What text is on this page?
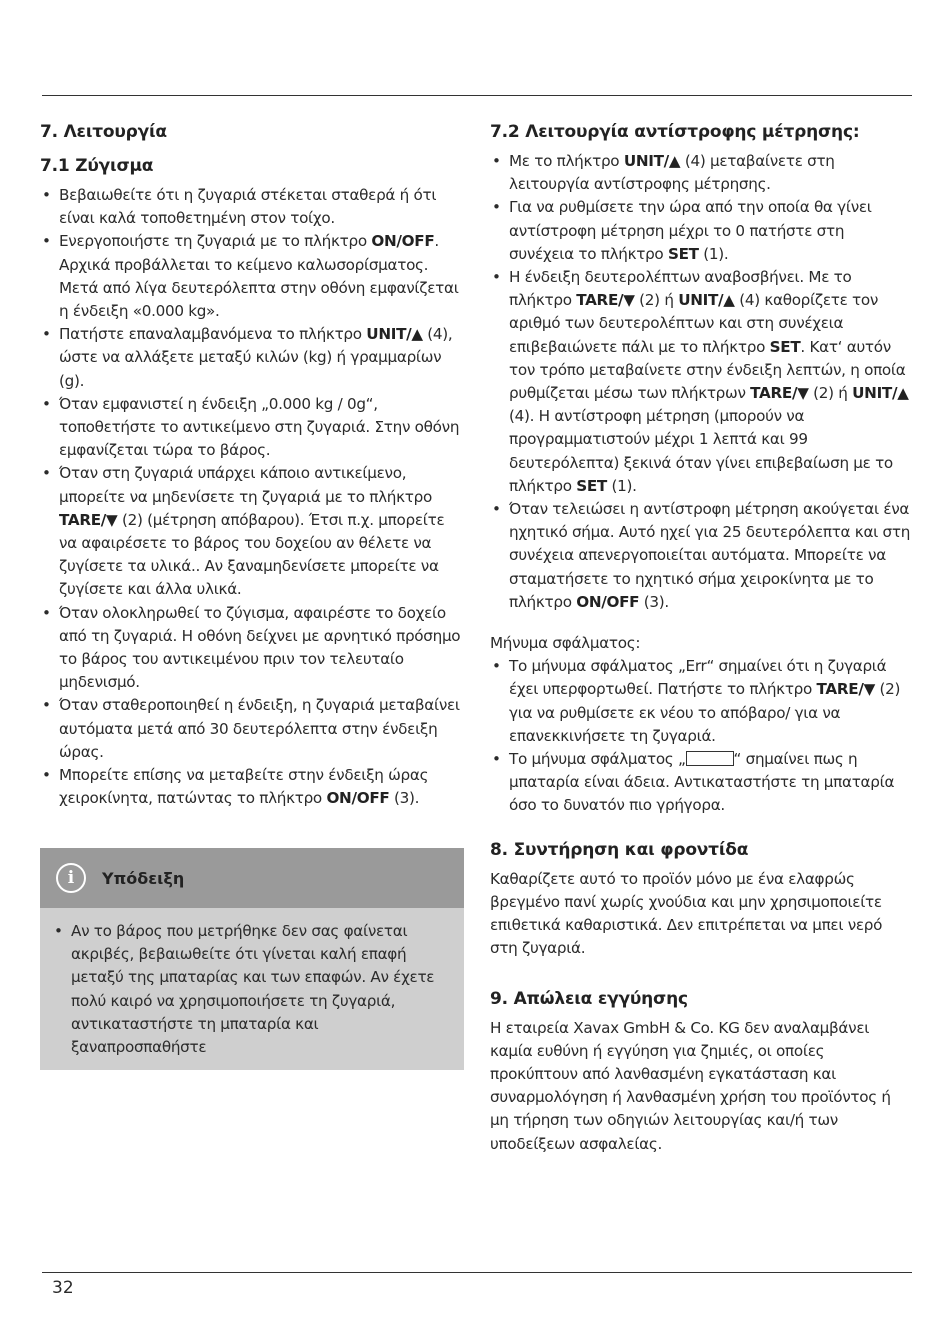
7. Λειτουργία
7.1 Ζύγισμα
• Βεβαιωθείτε ότι η ζυγαριά στέκεται σταθερά ή ότι είναι καλά τοποθετημένη στον τοίχο.
• Ενεργοποιήστε τη ζυγαριά με το πλήκτρο ON/OFF. Αρχικά προβάλλεται το κείμενο καλωσορίσματος. Μετά από λίγα δευτερόλεπτα στην οθόνη εμφανίζεται η ένδειξη «0.000 kg».
• Πατήστε επαναλαμβανόμενα το πλήκτρο UNIT/▲ (4), ώστε να αλλάξετε μεταξύ κιλών (kg) ή γραμμαρίων (g).
• Όταν εμφανιστεί η ένδειξη „0.000 kg / 0g“, τοποθετήστε το αντικείμενο στη ζυγαριά. Στην οθόνη εμφανίζεται τώρα το βάρος.
• Όταν στη ζυγαριά υπάρχει κάποιο αντικείμενο, μπορείτε να μηδενίσετε τη ζυγαριά με το πλήκτρο TARE/▼ (2) (μέτρηση απόβαρου). Έτσι π.χ. μπορείτε να αφαιρέσετε το βάρος του δοχείου αν θέλετε να ζυγίσετε τα υλικά.. Αν ξαναμηδενίσετε μπορείτε να ζυγίσετε και άλλα υλικά.
• Όταν ολοκληρωθεί το ζύγισμα, αφαιρέστε το δοχείο από τη ζυγαριά. Η οθόνη δείχνει με αρνητικό πρόσημο το βάρος του αντικειμένου πριν τον τελευταίο μηδενισμό.
• Όταν σταθεροποιηθεί η ένδειξη, η ζυγαριά μεταβαίνει αυτόματα μετά από 30 δευτερόλεπτα στην ένδειξη ώρας.
• Μπορείτε επίσης να μεταβείτε στην ένδειξη ώρας χειροκίνητα, πατώντας το πλήκτρο ON/OFF (3).
i	Υπόδειξη
• Αν το βάρος που μετρήθηκε δεν σας φαίνεται ακριβές, βεβαιωθείτε ότι γίνεται καλή επαφή μεταξύ της μπαταρίας και των επαφών. Αν έχετε πολύ καιρό να χρησιμοποιήσετε τη ζυγαριά, αντικαταστήστε τη μπαταρία και ξαναπροσπαθήστε
7.2 Λειτουργία αντίστροφης μέτρησης:
• Με το πλήκτρο UNIT/▲ (4) μεταβαίνετε στη λειτουργία αντίστροφης μέτρησης.
• Για να ρυθμίσετε την ώρα από την οποία θα γίνει αντίστροφη μέτρηση μέχρι το 0 πατήστε στη συνέχεια το πλήκτρο SET (1).
• Η ένδειξη δευτερολέπτων αναβοσβήνει. Με το πλήκτρο TARE/▼ (2) ή UNIT/▲ (4) καθορίζετε τον αριθμό των δευτερολέπτων και στη συνέχεια επιβεβαιώνετε πάλι με το πλήκτρο SET. Κατ‘ αυτόν τον τρόπο μεταβαίνετε στην ένδειξη λεπτών, η οποία ρυθμίζεται μέσω των πλήκτρων TARE/▼ (2) ή UNIT/▲ (4). Η αντίστροφη μέτρηση (μπορούν να προγραμματιστούν μέχρι 1 λεπτά και 99 δευτερόλεπτα) ξεκινά όταν γίνει επιβεβαίωση με το πλήκτρο SET (1).
• Όταν τελειώσει η αντίστροφη μέτρηση ακούγεται ένα ηχητικό σήμα. Αυτό ηχεί για 25 δευτερόλεπτα και στη συνέχεια απενεργοποιείται αυτόματα. Μπορείτε να σταματήσετε το ηχητικό σήμα χειροκίνητα με το πλήκτρο ON/OFF (3).

Μήνυμα σφάλματος:

• Το μήνυμα σφάλματος „Err“ σημαίνει ότι η ζυγαριά έχει υπερφορτωθεί. Πατήστε το πλήκτρο TARE/▼ (2) για να ρυθμίσετε εκ νέου το απόβαρο/ για να επανεκκινήσετε τη ζυγαριά.
• Το μήνυμα σφάλματος „	“ σημαίνει πως η μπαταρία είναι άδεια. Αντικαταστήστε τη μπαταρία όσο το δυνατόν πιο γρήγορα.
8. Συντήρηση και φροντίδα

Καθαρίζετε αυτό το προϊόν μόνο με ένα ελαφρώς βρεγμένο πανί χωρίς χνούδια και μην χρησιμοποιείτε επιθετικά καθαριστικά. Δεν επιτρέπεται να μπει νερό στη ζυγαριά.

9. Απώλεια εγγύησης

Η εταιρεία Xavax GmbH & Co. KG δεν αναλαμβάνει καμία ευθύνη ή εγγύηση για ζημιές, οι οποίες προκύπτουν από λανθασμένη εγκατάσταση και συναρμολόγηση ή λανθασμένη χρήση του προϊόντος ή μη τήρηση των οδηγιών λειτουργίας και/ή των υποδείξεων ασφαλείας.

32
